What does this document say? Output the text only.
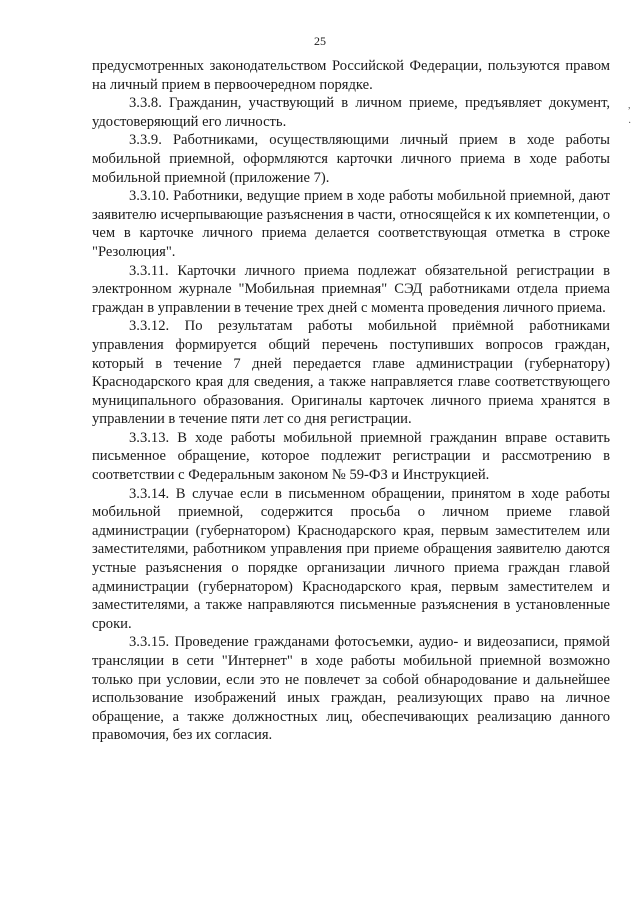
25

предусмотренных законодательством Российской Федерации, пользуются правом на личный прием в первоочередном порядке.

3.3.8. Гражданин, участвующий в личном приеме, предъявляет документ, удостоверяющий его личность.

3.3.9. Работниками, осуществляющими личный прием в ходе работы мобильной приемной, оформляются карточки личного приема в ходе работы мобильной приемной (приложение 7).

3.3.10. Работники, ведущие прием в ходе работы мобильной приемной, дают заявителю исчерпывающие разъяснения в части, относящейся к их компетенции, о чем в карточке личного приема делается соответствующая отметка в строке "Резолюция".

3.3.11. Карточки личного приема подлежат обязательной регистрации в электронном журнале "Мобильная приемная" СЭД работниками отдела приема граждан в управлении в течение трех дней с момента проведения личного приема.

3.3.12. По результатам работы мобильной приёмной работниками управления формируется общий перечень поступивших вопросов граждан, который в течение 7 дней передается главе администрации (губернатору) Краснодарского края для сведения, а также направляется главе соответствующего муниципального образования. Оригиналы карточек личного приема хранятся в управлении в течение пяти лет со дня регистрации.

3.3.13. В ходе работы мобильной приемной гражданин вправе оставить письменное обращение, которое подлежит регистрации и рассмотрению в соответствии с Федеральным законом № 59-ФЗ и Инструкцией.

3.3.14. В случае если в письменном обращении, принятом в ходе работы мобильной приемной, содержится просьба о личном приеме главой администрации (губернатором) Краснодарского края, первым заместителем или заместителями, работником управления при приеме обращения заявителю даются устные разъяснения о порядке организации личного приема граждан главой администрации (губернатором) Краснодарского края, первым заместителем и заместителями, а также направляются письменные разъяснения в установленные сроки.

3.3.15. Проведение гражданами фотосъемки, аудио- и видеозаписи, прямой трансляции в сети "Интернет" в ходе работы мобильной приемной возможно только при условии, если это не повлечет за собой обнародование и дальнейшее использование изображений иных граждан, реализующих право на личное обращение, а также должностных лиц, обеспечивающих реализацию данного правомочия, без их согласия.

,
·
